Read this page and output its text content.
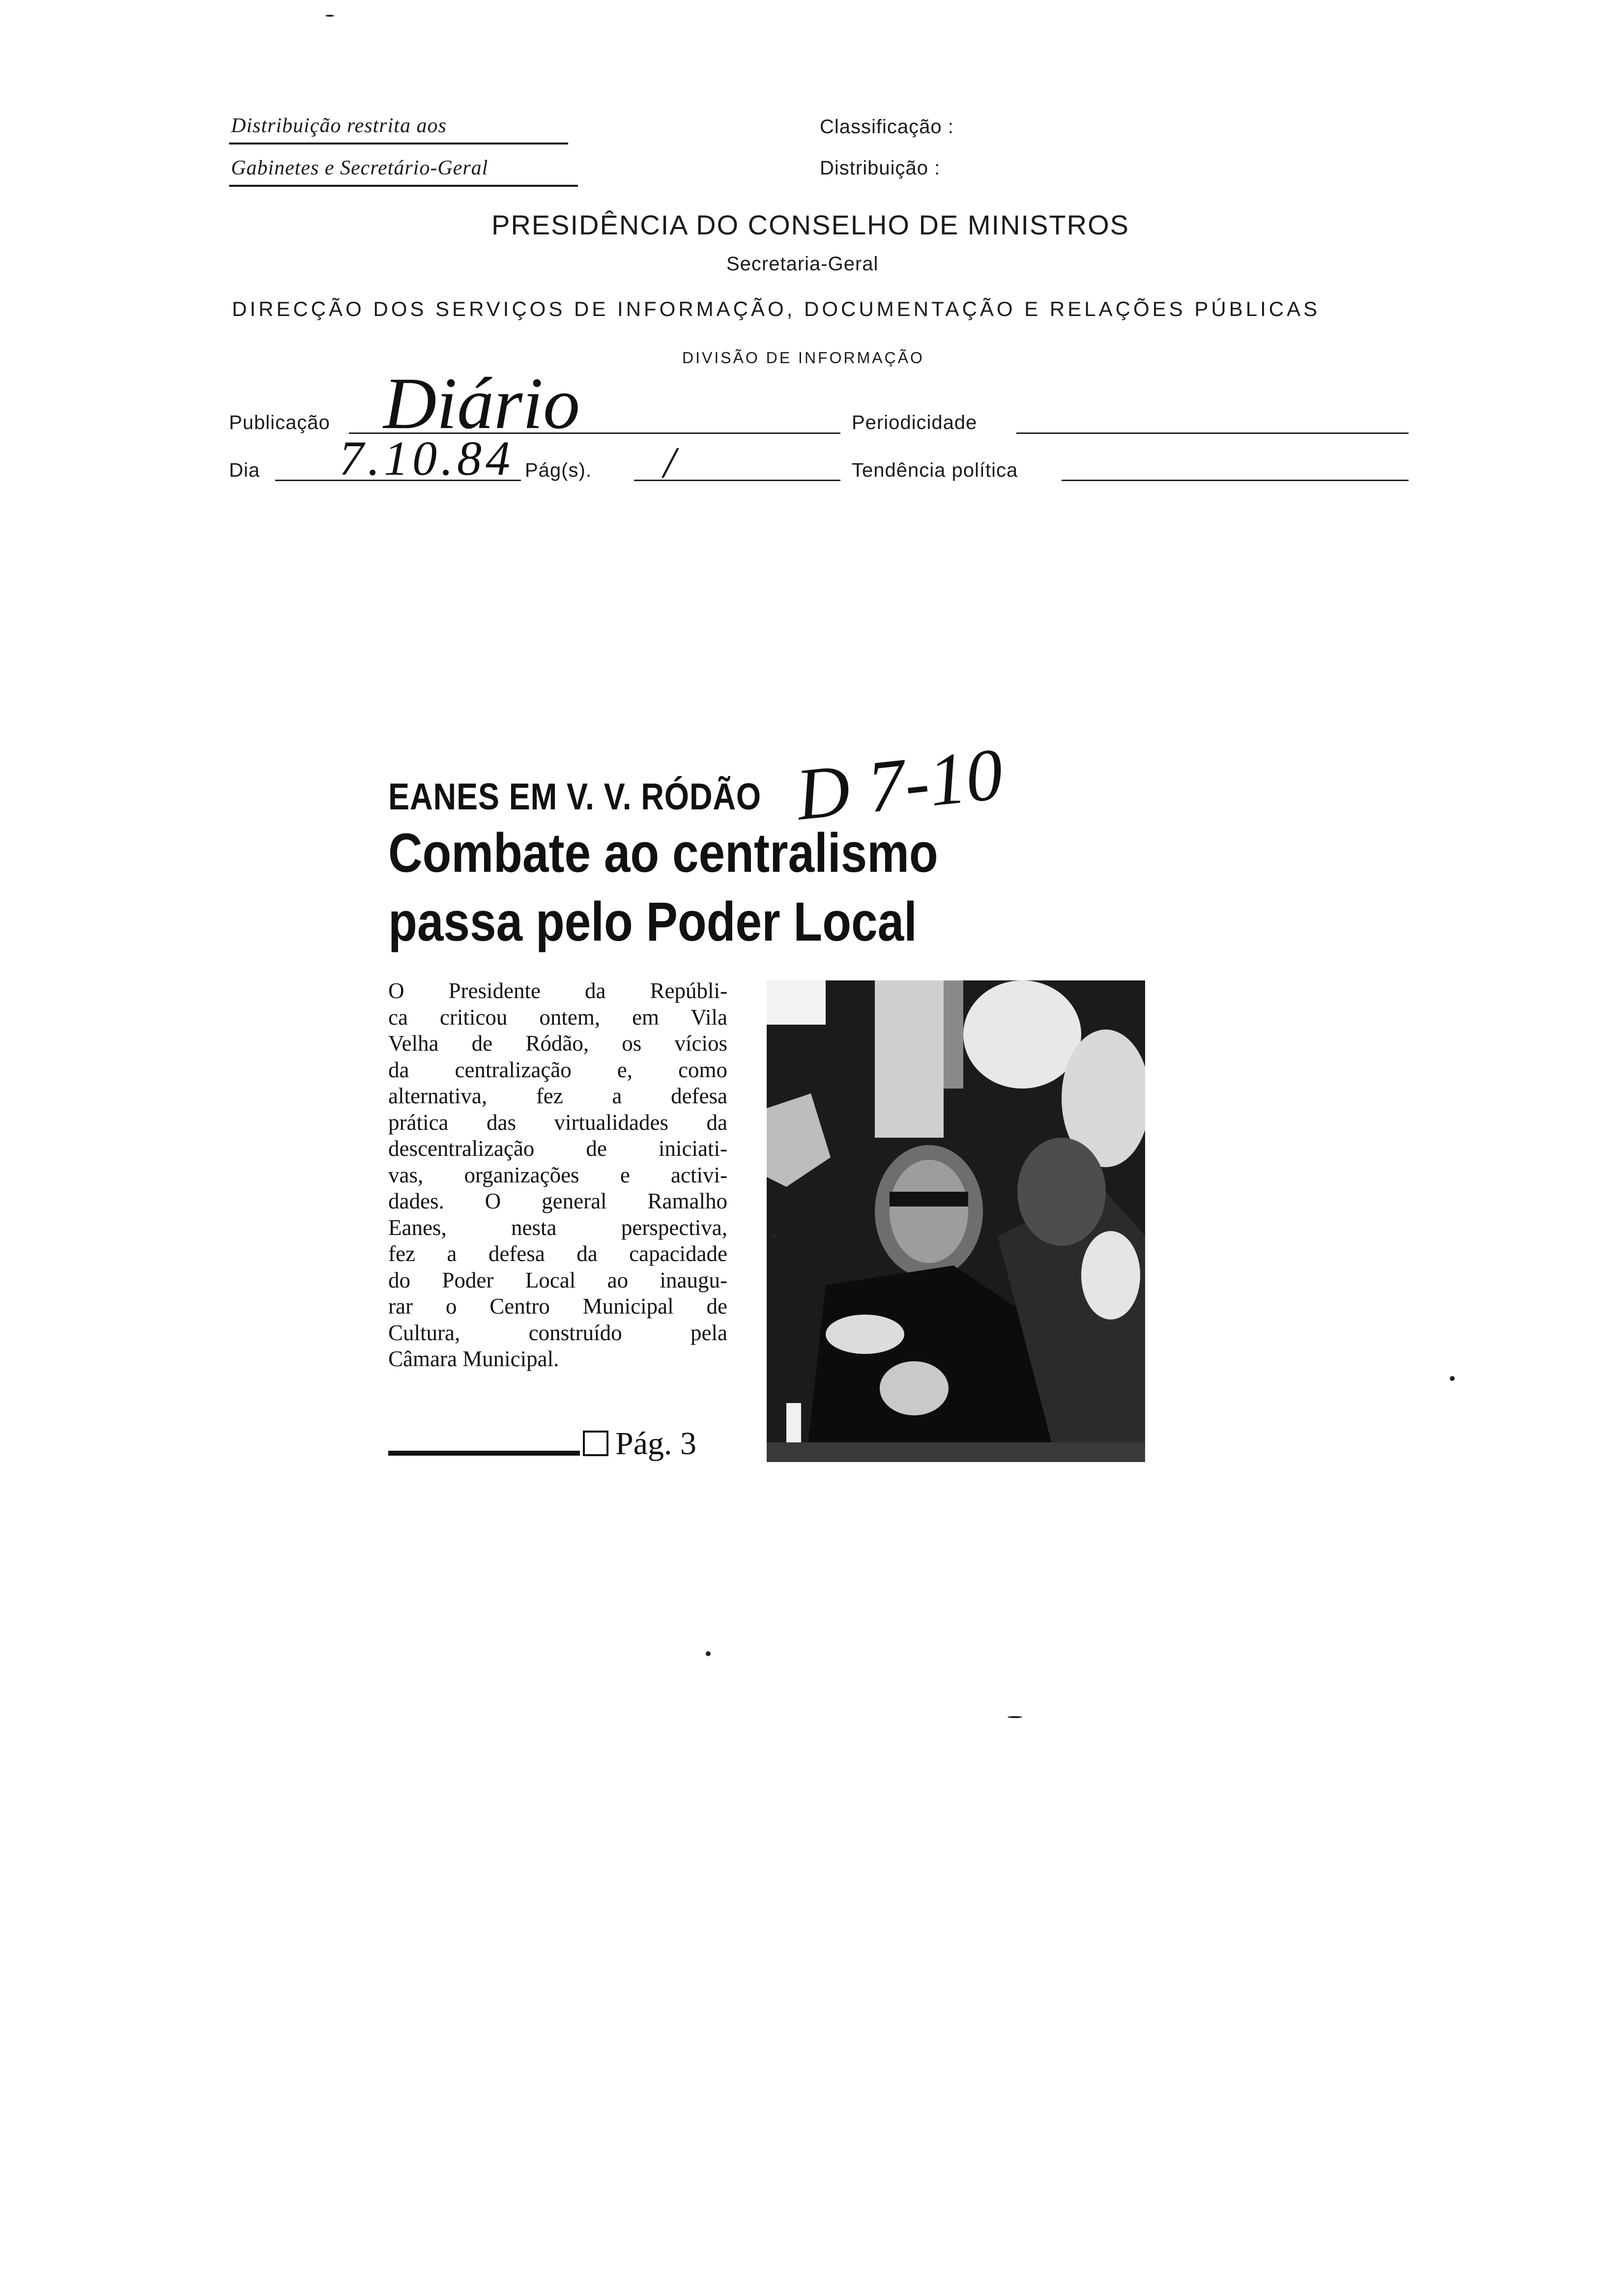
Distribuição restrita aos
Gabinetes e Secretário-Geral
Classificação :
Distribuição :
PRESIDÊNCIA DO CONSELHO DE MINISTROS
Secretaria-Geral
DIRECÇÃO DOS SERVIÇOS DE INFORMAÇÃO, DOCUMENTAÇÃO E RELAÇÕES PÚBLICAS
DIVISÃO DE INFORMAÇÃO
Publicação Diário	Periodicidade
Dia 7.10.84 Pág(s). /	Tendência política
D 7-10
EANES EM V. V. RÓDÃO
Combate ao centralismo
passa pelo Poder Local
O Presidente da Repúbli-
ca criticou ontem, em Vila
Velha de Ródão, os vícios
da centralização e, como
alternativa, fez a defesa
prática das virtualidades da
descentralização de iniciati-
vas, organizações e activi-
dades. O general Ramalho
Eanes, nesta perspectiva,
fez a defesa da capacidade
do Poder Local ao inaugu-
rar o Centro Municipal de
Cultura, construído pela
Câmara Municipal.
Pág. 3
